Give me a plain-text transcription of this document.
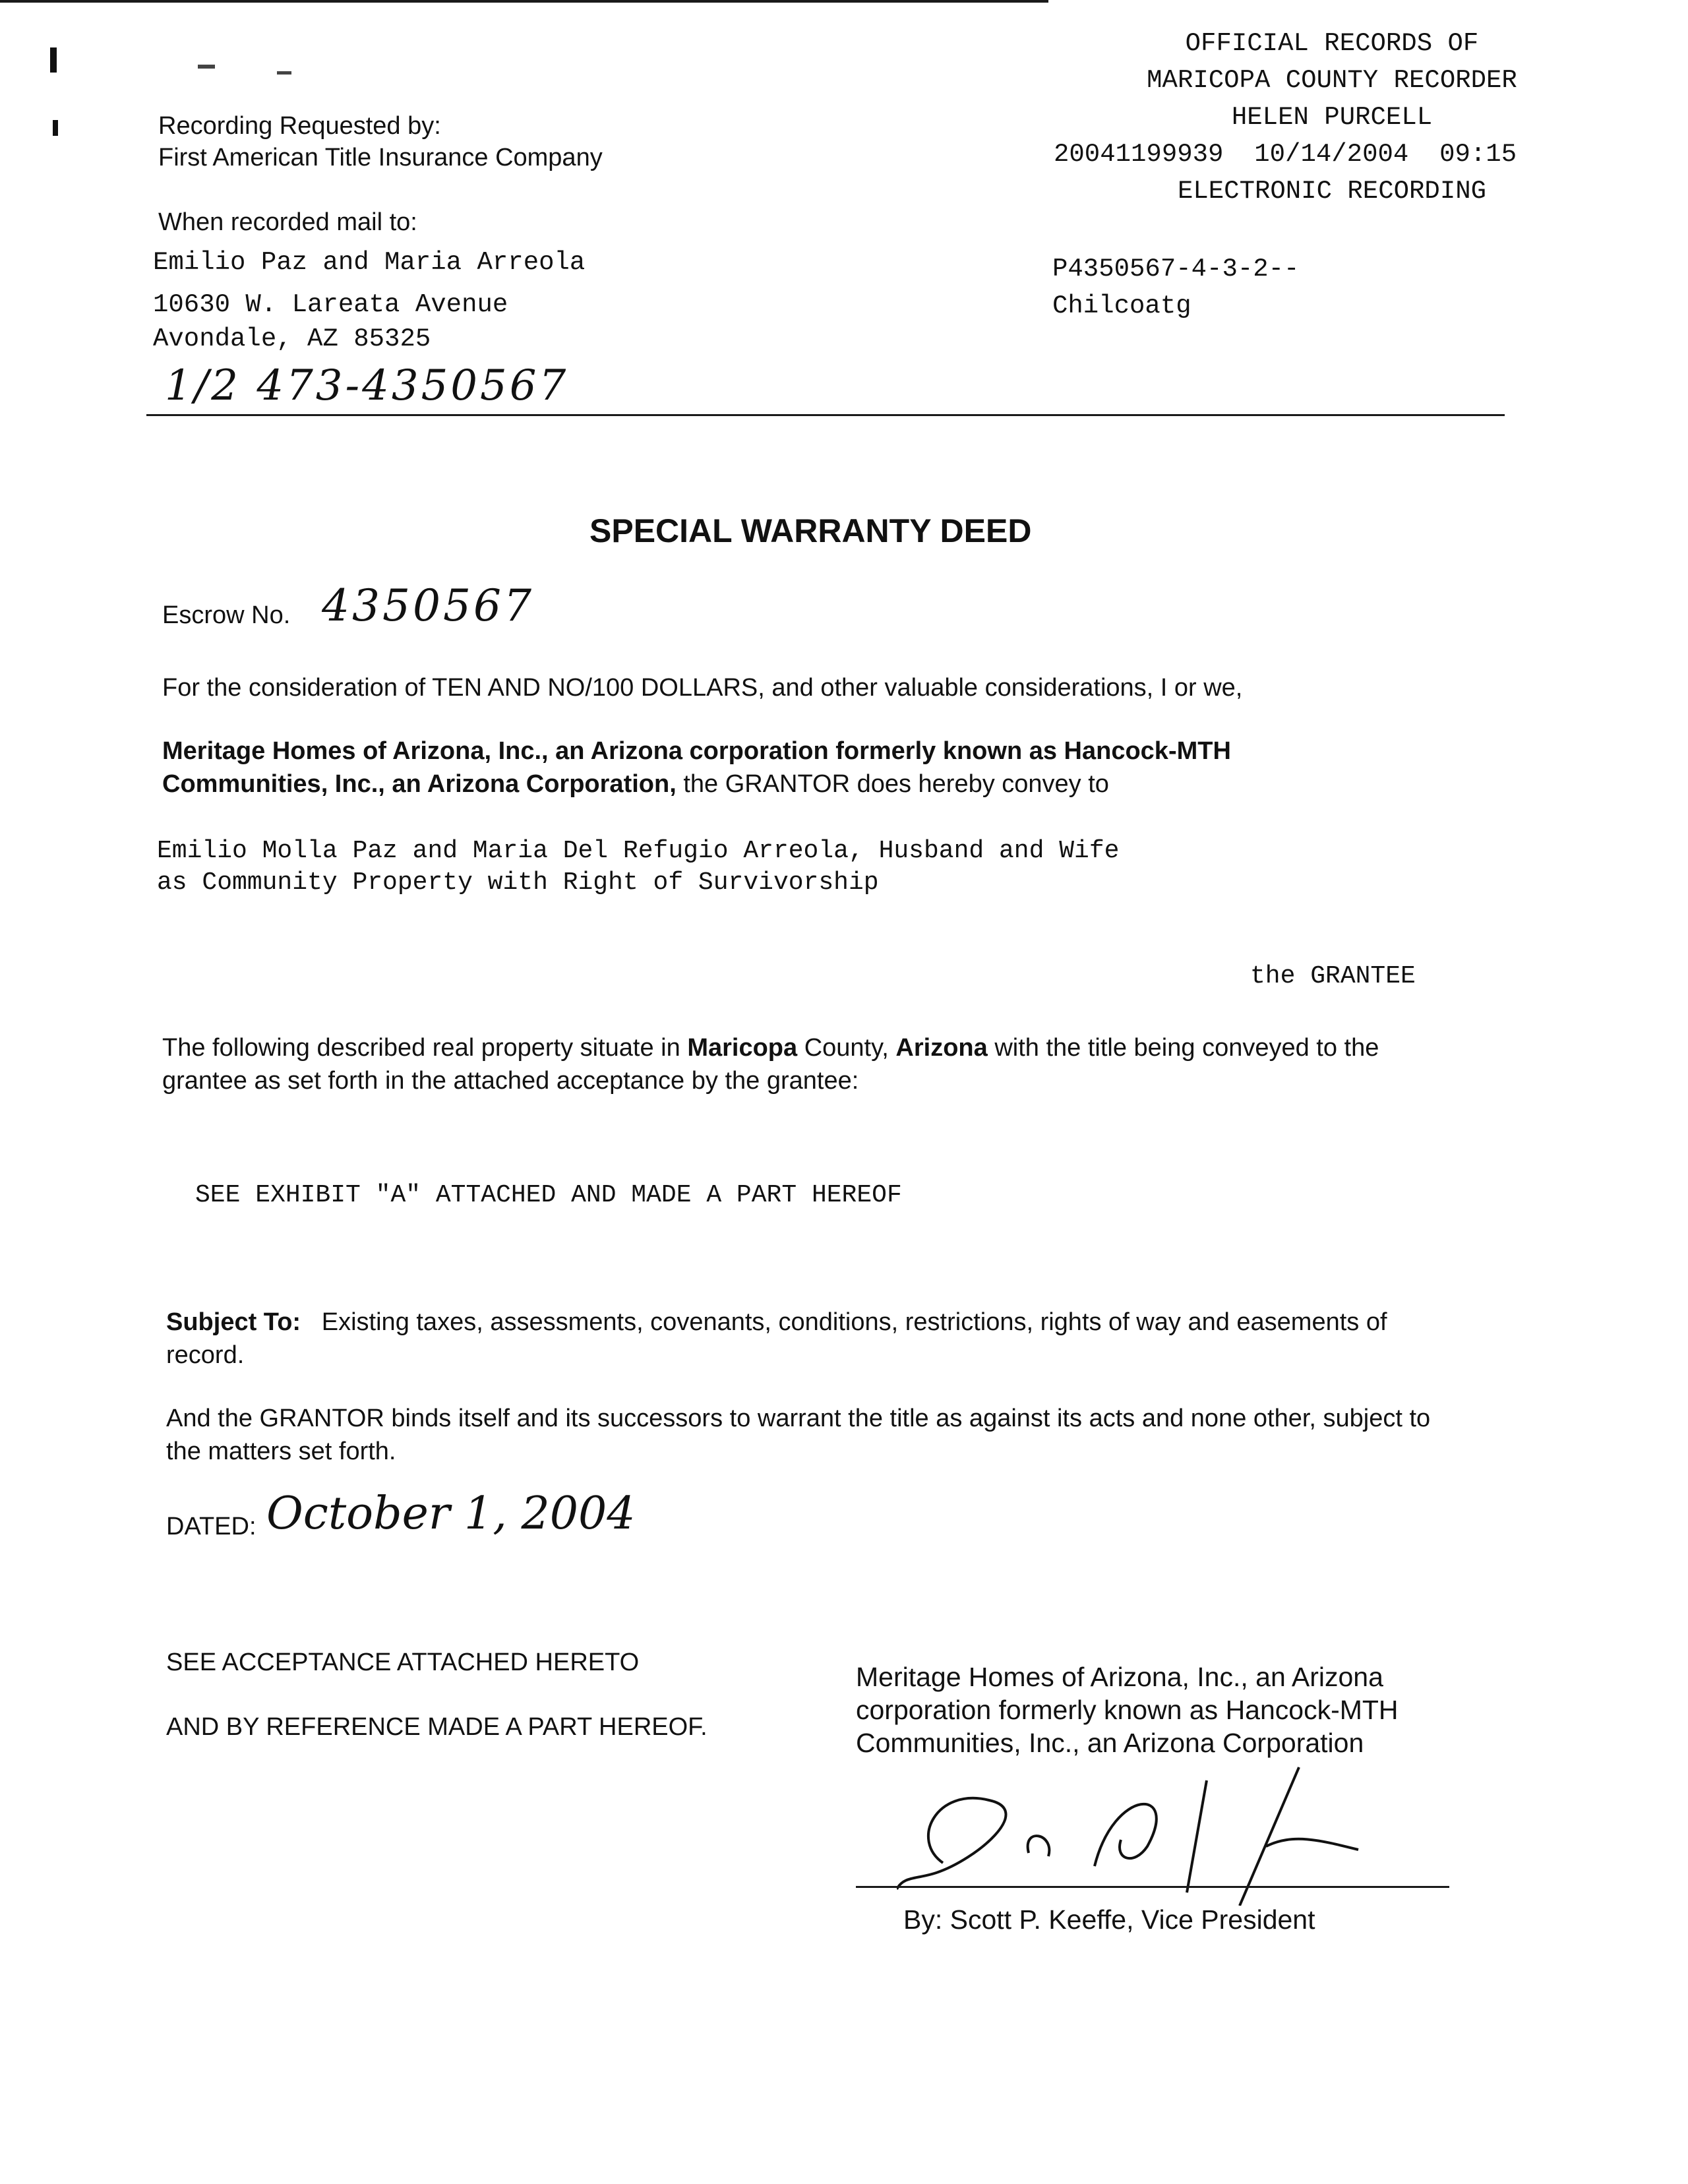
Recording Requested by:
First American Title Insurance Company
When recorded mail to:
Emilio Paz and Maria Arreola
10630 W. Lareata Avenue
Avondale, AZ 85325
1/2 473-4350567
OFFICIAL RECORDS OF
MARICOPA COUNTY RECORDER
HELEN PURCELL
20041199939  10/14/2004  09:15
ELECTRONIC RECORDING
P4350567-4-3-2--
Chilcoatg
SPECIAL WARRANTY DEED
Escrow No. 4350567
For the consideration of TEN AND NO/100 DOLLARS, and other valuable considerations, I or we,
Meritage Homes of Arizona, Inc., an Arizona corporation formerly known as Hancock-MTH
Communities, Inc., an Arizona Corporation, the GRANTOR does hereby convey to
Emilio Molla Paz and Maria Del Refugio Arreola, Husband and Wife
as Community Property with Right of Survivorship
the GRANTEE
The following described real property situate in Maricopa County, Arizona with the title being conveyed to the
grantee as set forth in the attached acceptance by the grantee:
SEE EXHIBIT "A" ATTACHED AND MADE A PART HEREOF
Subject To: Existing taxes, assessments, covenants, conditions, restrictions, rights of way and easements of
record.
And the GRANTOR binds itself and its successors to warrant the title as against its acts and none other, subject to
the matters set forth.
DATED: October 1, 2004
SEE ACCEPTANCE ATTACHED HERETO
AND BY REFERENCE MADE A PART HEREOF.
Meritage Homes of Arizona, Inc., an Arizona
corporation formerly known as Hancock-MTH
Communities, Inc., an Arizona Corporation
By: Scott P. Keeffe, Vice President
